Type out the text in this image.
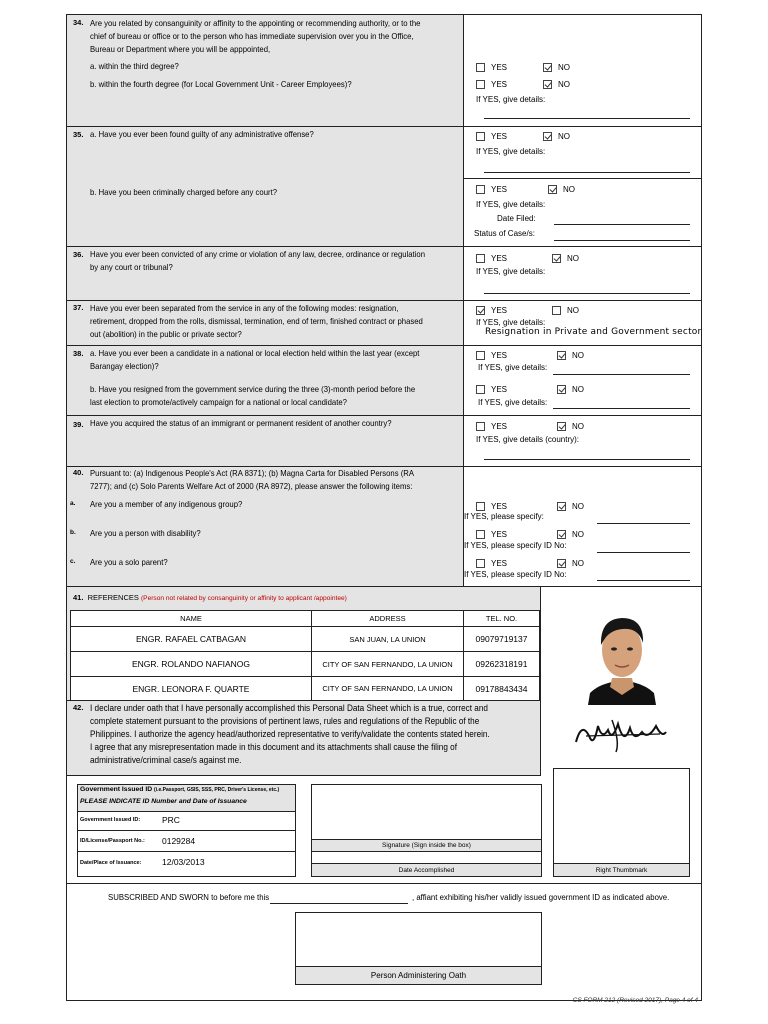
34. Are you related by consanguinity or affinity to the appointing or recommending authority, or to the
chief of bureau or office or to the person who has immediate supervision over you in the Office,
Bureau or Department where you will be apppointed,
a. within the third degree?
b. within the fourth degree (for Local Government Unit - Career Employees)?
YES	NO
YES	NO
If YES, give details:
35. a. Have you ever been found guilty of any administrative offense?
b. Have you been criminally charged before any court?
YES	NO
If YES, give details:
YES	NO
If YES, give details:
Date Filed:
Status of Case/s:
36. Have you ever been convicted of any crime or violation of any law, decree, ordinance or regulation
by any court or tribunal?
YES	NO
If YES, give details:
37. Have you ever been separated from the service in any of the following modes: resignation,
retirement, dropped from the rolls, dismissal, termination, end of term, finished contract or phased
out (abolition) in the public or private sector?
YES	NO
If YES, give details:
Resignation in Private and Government sector
38. a. Have you ever been a candidate in a national or local election held within the last year (except
Barangay election)?
b. Have you resigned from the government service during the three (3)-month period before the
last election to promote/actively campaign for a national or local candidate?
YES	NO
If YES, give details:
YES	NO
If YES, give details:
39. Have you acquired the status of an immigrant or permanent resident of another country?	YES	NO
If YES, give details (country):
40. Pursuant to: (a) Indigenous People's Act (RA 8371); (b) Magna Carta for Disabled Persons (RA
7277); and (c) Solo Parents Welfare Act of 2000 (RA 8972), please answer the following items:
a. Are you a member of any indigenous group?
b. Are you a person with disability?
c. Are you a solo parent?
YES	NO
If YES, please specify:
YES	NO
If YES, please specify ID No:
YES	NO
If YES, please specify ID No:
41. REFERENCES (Person not related by consanguinity or affinity to applicant /appointee)
NAME	ADDRESS	TEL. NO.
ENGR. RAFAEL CATBAGAN	SAN JUAN, LA UNION	09079719137
ENGR. ROLANDO NAFIANOG	CITY OF SAN FERNANDO, LA UNION	09262318191
ENGR. LEONORA F. QUARTE	CITY OF SAN FERNANDO, LA UNION	09178843434
42. I declare under oath that I have personally accomplished this Personal Data Sheet which is a true, correct and
complete statement pursuant to the provisions of pertinent laws, rules and regulations of the Republic of the
Philippines. I authorize the agency head/authorized representative to verify/validate the contents stated herein.
I agree that any misrepresentation made in this document and its attachments shall cause the filing of
administrative/criminal case/s against me.
Government Issued ID (i.e.Passport, GSIS, SSS, PRC, Driver's License, etc.)
PLEASE INDICATE ID Number and Date of Issuance
Government Issued ID:	PRC
ID/License/Passport No.: 0129284
Date/Place of Issuance: 12/03/2013
Signature (Sign inside the box)
Date Accomplished	Right Thumbmark
SUBSCRIBED AND SWORN to before me this	, affiant exhibiting his/her validly issued government ID as indicated above.
Person Administering Oath
CS FORM 212 (Revised 2017), Page 4 of 4
